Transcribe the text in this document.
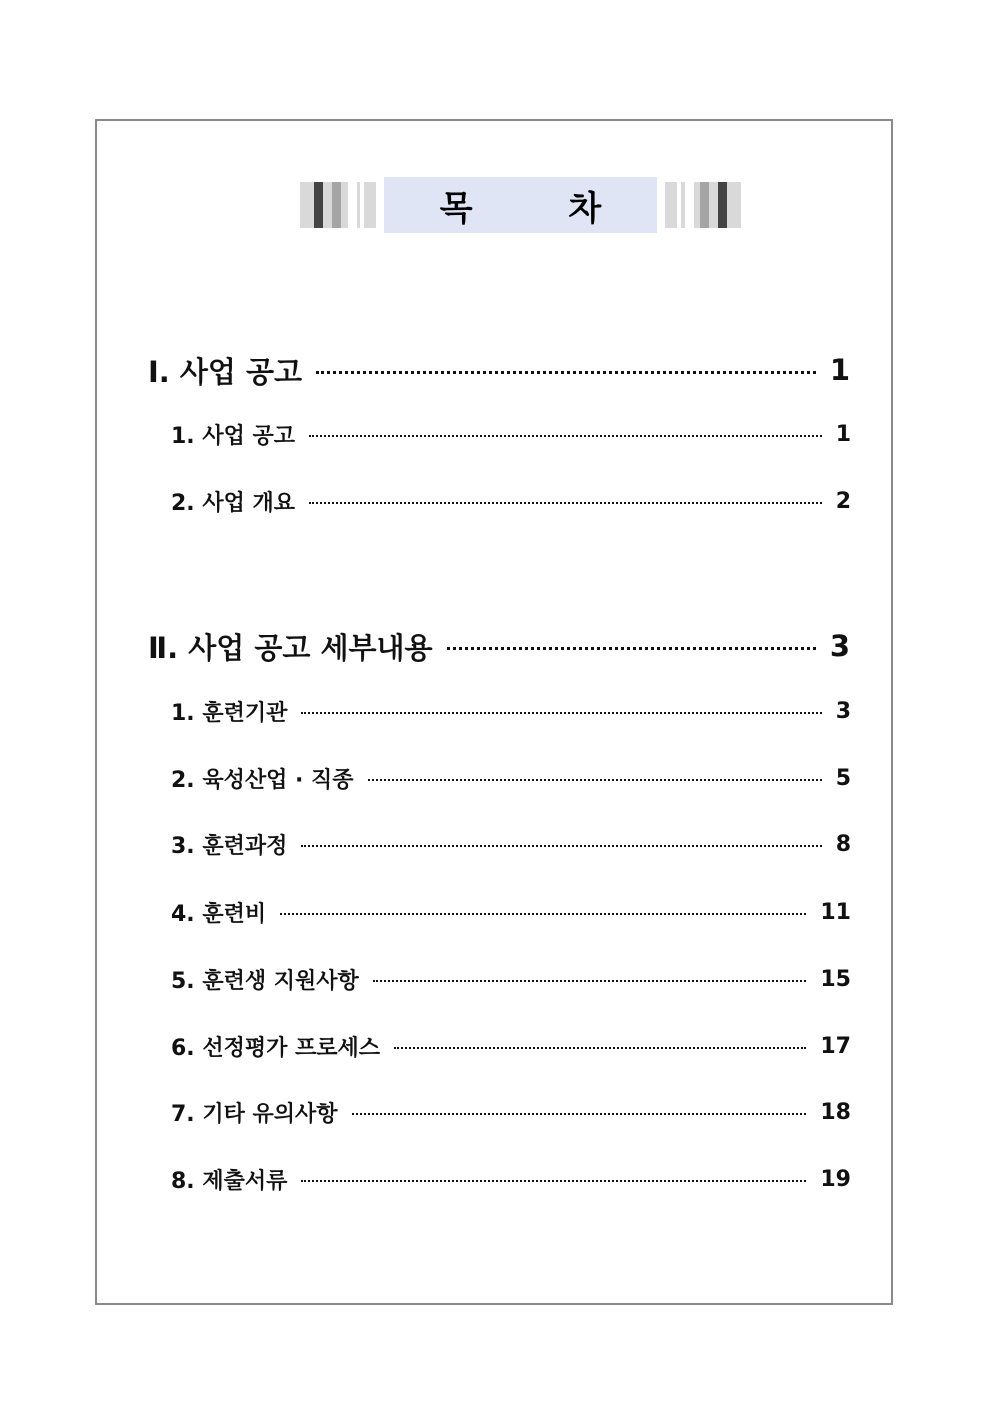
목 차
Ⅰ. 사업 공고	1
1. 사업 공고	1
2. 사업 개요	2
Ⅱ. 사업 공고 세부내용	3
1. 훈련기관	3
2. 육성산업 · 직종	5
3. 훈련과정	8
4. 훈련비	11
5. 훈련생 지원사항	15
6. 선정평가 프로세스	17
7. 기타 유의사항	18
8. 제출서류	19
